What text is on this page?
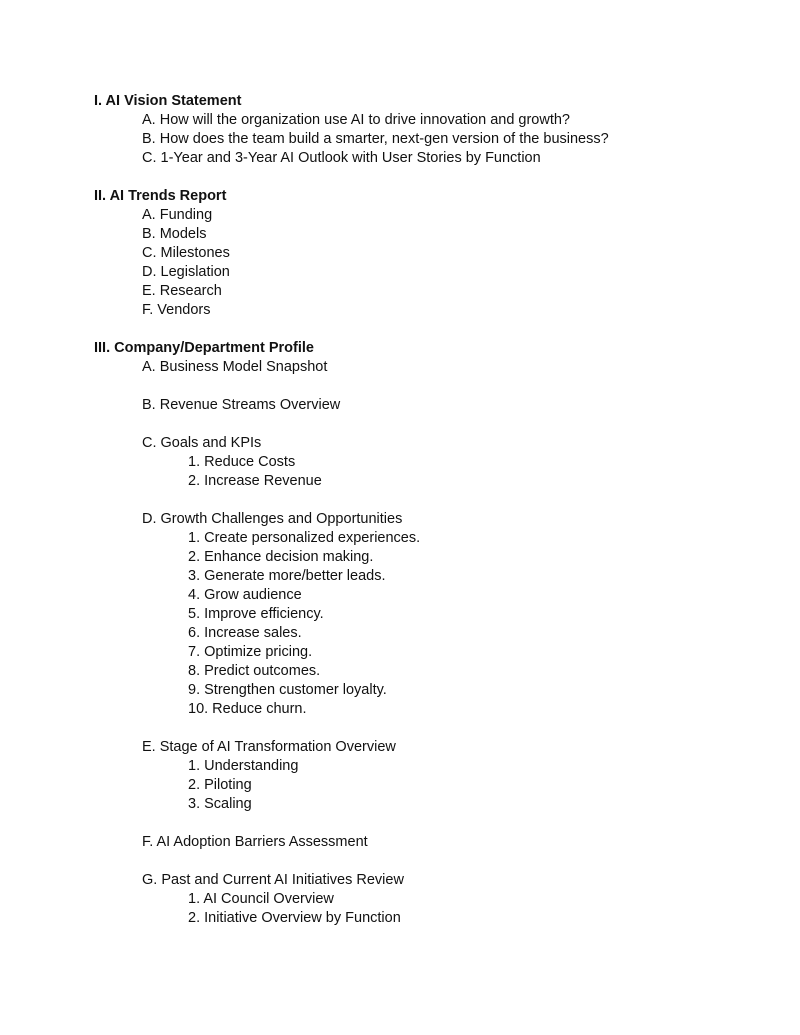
I. AI Vision Statement
A. How will the organization use AI to drive innovation and growth?
B. How does the team build a smarter, next-gen version of the business?
C. 1-Year and 3-Year AI Outlook with User Stories by Function
II. AI Trends Report
A. Funding
B. Models
C. Milestones
D. Legislation
E. Research
F. Vendors
III. Company/Department Profile
A. Business Model Snapshot
B. Revenue Streams Overview
C. Goals and KPIs
1. Reduce Costs
2. Increase Revenue
D. Growth Challenges and Opportunities
1. Create personalized experiences.
2. Enhance decision making.
3. Generate more/better leads.
4. Grow audience
5. Improve efficiency.
6. Increase sales.
7. Optimize pricing.
8. Predict outcomes.
9. Strengthen customer loyalty.
10. Reduce churn.
E. Stage of AI Transformation Overview
1. Understanding
2. Piloting
3. Scaling
F. AI Adoption Barriers Assessment
G. Past and Current AI Initiatives Review
1. AI Council Overview
2. Initiative Overview by Function
